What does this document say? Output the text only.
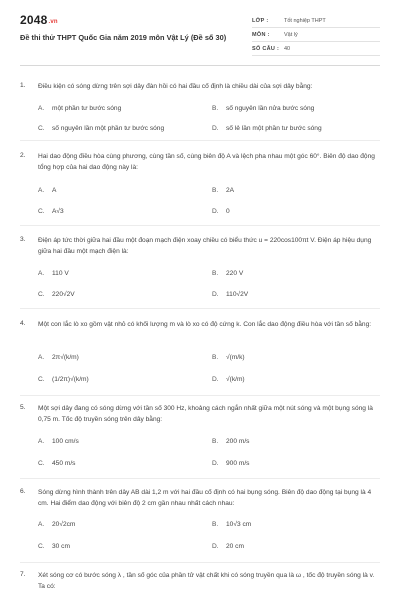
2048.vn
Đề thi thử THPT Quốc Gia năm 2019 môn Vật Lý (Đề số 30)
LỚP :	Tốt nghiệp THPT
MÔN :	Vật lý
SỐ CÂU : 40
1. Điều kiện có sóng dừng trên sợi dây đàn hồi có hai đầu cố định là chiều dài của sợi dây bằng:
A. một phần tư bước sóng	B. số nguyên lần nửa bước sóng
C. số nguyên lần một phần tư bước sóng	D. số lẻ lần một phần tư bước sóng
2. Hai dao động điều hòa cùng phương, cùng tần số, cùng biên độ A và lệch pha nhau một góc 60°. Biên độ dao động tổng hợp của hai dao động này là:
A. A	B. 2A
C. A√3	D. 0
3. Điện áp tức thời giữa hai đầu một đoạn mạch điện xoay chiều có biểu thức u = 220cos100πt V. Điện áp hiệu dụng giữa hai đầu một mạch điện là:
A. 110 V	B. 220 V
C. 220√2V	D. 110√2V
4. Một con lắc lò xo gồm vật nhỏ có khối lượng m và lò xo có độ cứng k. Con lắc dao động điều hòa với tần số bằng:
A. 2π√(k/m)	B. √(m/k)
C. (1/2π)√(k/m)	D. √(k/m)
5. Một sợi dây đang có sóng dừng với tần số 300 Hz, khoảng cách ngắn nhất giữa một nút sóng và một bụng sóng là 0,75 m. Tốc độ truyền sóng trên dây bằng:
A. 100 cm/s	B. 200 m/s
C. 450 m/s	D. 900 m/s
6. Sóng dừng hình thành trên dây AB dài 1,2 m với hai đầu cố định có hai bụng sóng. Biên độ dao động tại bụng là 4 cm. Hai điểm dao động với biên độ 2 cm gần nhau nhất cách nhau:
A. 20√2cm	B. 10√3 cm
C. 30 cm	D. 20 cm
7. Xét sóng cơ có bước sóng λ , tần số góc của phần tử vật chất khi có sóng truyền qua là ω , tốc độ truyền sóng là v. Ta có:
